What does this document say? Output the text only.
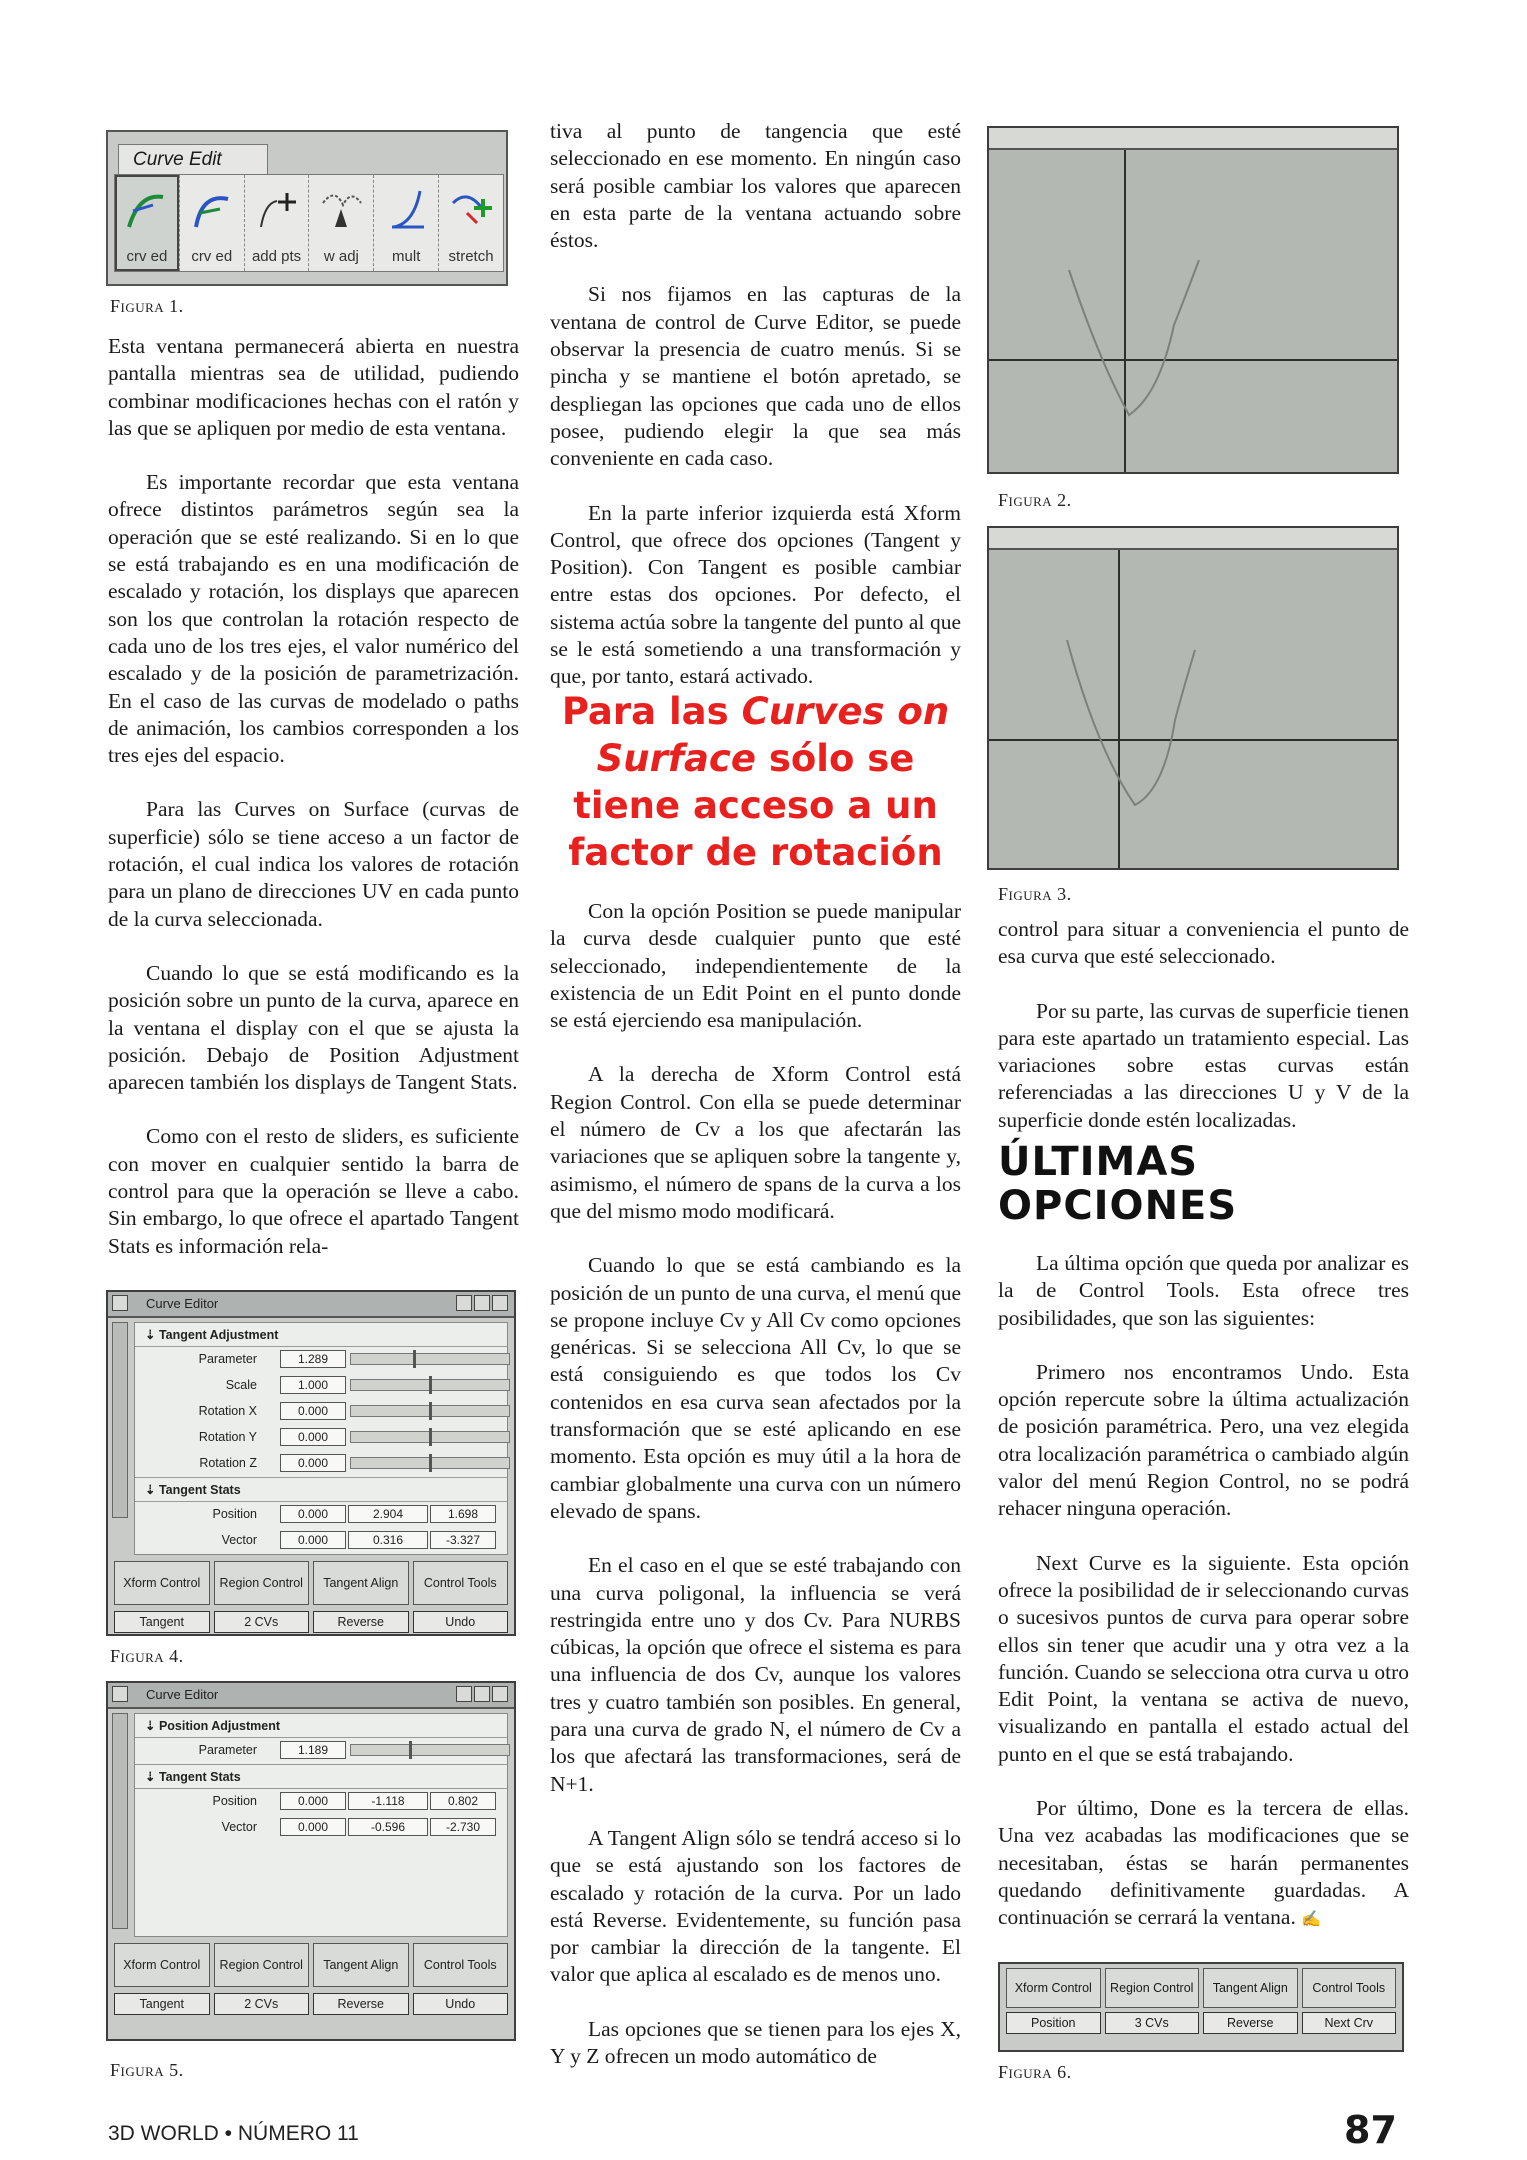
Curve Edit
crv ed	crv ed	add pts	w adj	mult	stretch
Figura 1.

Esta ventana permanecerá abierta en nuestra pantalla mientras sea de utilidad, pudiendo combinar modificaciones hechas con el ratón y las que se apliquen por medio de esta ventana.

Es importante recordar que esta ventana ofrece distintos parámetros según sea la operación que se esté realizando. Si en lo que se está trabajando es en una modificación de escalado y rotación, los displays que aparecen son los que controlan la rotación respecto de cada uno de los tres ejes, el valor numérico del escalado y de la posición de parametrización. En el caso de las curvas de modelado o paths de animación, los cambios corresponden a los tres ejes del espacio.

Para las Curves on Surface (curvas de superficie) sólo se tiene acceso a un factor de rotación, el cual indica los valores de rotación para un plano de direcciones UV en cada punto de la curva seleccionada.

Cuando lo que se está modificando es la posición sobre un punto de la curva, aparece en la ventana el display con el que se ajusta la posición. Debajo de Position Adjustment aparecen también los displays de Tangent Stats.

Como con el resto de sliders, es suficiente con mover en cualquier sentido la barra de control para que la operación se lleve a cabo. Sin embargo, lo que ofrece el apartado Tangent Stats es información rela-

Curve Editor
⇣ Tangent Adjustment
Parameter	1.289
Scale	1.000
Rotation X	0.000
Rotation Y	0.000
Rotation Z	0.000
⇣ Tangent Stats
Position	0.000	2.904	1.698
Vector	0.000	0.316	-3.327
Xform Control	Region Control	Tangent Align	Control Tools
Tangent	2 CVs	Reverse	Undo
Figura 4.
Curve Editor
⇣ Position Adjustment
Parameter	1.189
⇣ Tangent Stats
Position	0.000	-1.118	0.802
Vector	0.000	-0.596	-2.730
Xform Control	Region Control	Tangent Align	Control Tools
Tangent	2 CVs	Reverse	Undo
Figura 5.

tiva al punto de tangencia que esté seleccionado en ese momento. En ningún caso será posible cambiar los valores que aparecen en esta parte de la ventana actuando sobre éstos.

Si nos fijamos en las capturas de la ventana de control de Curve Editor, se puede observar la presencia de cuatro menús. Si se pincha y se mantiene el botón apretado, se despliegan las opciones que cada uno de ellos posee, pudiendo elegir la que sea más conveniente en cada caso.

En la parte inferior izquierda está Xform Control, que ofrece dos opciones (Tangent y Position). Con Tangent es posible cambiar entre estas dos opciones. Por defecto, el sistema actúa sobre la tangente del punto al que se le está sometiendo a una transformación y que, por tanto, estará activado.

Para las Curves on Surface sólo se tiene acceso a un factor de rotación

Con la opción Position se puede manipular la curva desde cualquier punto que esté seleccionado, independientemente de la existencia de un Edit Point en el punto donde se está ejerciendo esa manipulación.

A la derecha de Xform Control está Region Control. Con ella se puede determinar el número de Cv a los que afectarán las variaciones que se apliquen sobre la tangente y, asimismo, el número de spans de la curva a los que del mismo modo modificará.

Cuando lo que se está cambiando es la posición de un punto de una curva, el menú que se propone incluye Cv y All Cv como opciones genéricas. Si se selecciona All Cv, lo que se está consiguiendo es que todos los Cv contenidos en esa curva sean afectados por la transformación que se esté aplicando en ese momento. Esta opción es muy útil a la hora de cambiar globalmente una curva con un número elevado de spans.

En el caso en el que se esté trabajando con una curva poligonal, la influencia se verá restringida entre uno y dos Cv. Para NURBS cúbicas, la opción que ofrece el sistema es para una influencia de dos Cv, aunque los valores tres y cuatro también son posibles. En general, para una curva de grado N, el número de Cv a los que afectará las transformaciones, será de N+1.

A Tangent Align sólo se tendrá acceso si lo que se está ajustando son los factores de escalado y rotación de la curva. Por un lado está Reverse. Evidentemente, su función pasa por cambiar la dirección de la tangente. El valor que aplica al escalado es de menos uno.

Las opciones que se tienen para los ejes X, Y y Z ofrecen un modo automático de

Figura 2.
Figura 3.

control para situar a conveniencia el punto de esa curva que esté seleccionado.

Por su parte, las curvas de superficie tienen para este apartado un tratamiento especial. Las variaciones sobre estas curvas están referenciadas a las direcciones U y V de la superficie donde estén localizadas.

ÚLTIMAS
OPCIONES

La última opción que queda por analizar es la de Control Tools. Esta ofrece tres posibilidades, que son las siguientes:

Primero nos encontramos Undo. Esta opción repercute sobre la última actualización de posición paramétrica. Pero, una vez elegida otra localización paramétrica o cambiado algún valor del menú Region Control, no se podrá rehacer ninguna operación.

Next Curve es la siguiente. Esta opción ofrece la posibilidad de ir seleccionando curvas o sucesivos puntos de curva para operar sobre ellos sin tener que acudir una y otra vez a la función. Cuando se selecciona otra curva u otro Edit Point, la ventana se activa de nuevo, visualizando en pantalla el estado actual del punto en el que se está trabajando.

Por último, Done es la tercera de ellas. Una vez acabadas las modificaciones que se necesitaban, éstas se harán permanentes quedando definitivamente guardadas. A continuación se cerrará la ventana. ✍

Xform Control	Region Control	Tangent Align	Control Tools
Position	3 CVs	Reverse	Next Crv
Figura 6.
3D WORLD • NÚMERO 11	87
